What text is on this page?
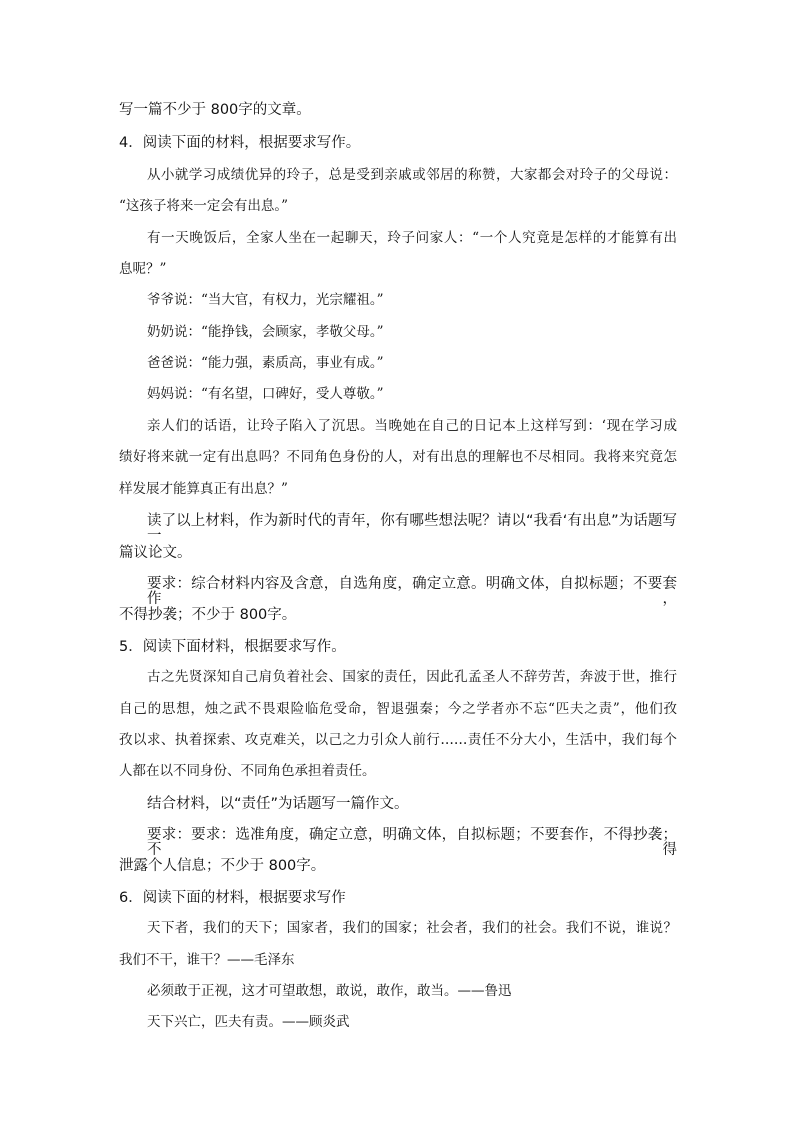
写一篇不少于 800字的文章。
4．阅读下面的材料，根据要求写作。
从小就学习成绩优异的玲子，总是受到亲戚或邻居的称赞，大家都会对玲子的父母说：
“这孩子将来一定会有出息。”
有一天晚饭后，全家人坐在一起聊天，玲子问家人：“一个人究竟是怎样的才能算有出
息呢？”
爷爷说：“当大官，有权力，光宗耀祖。”
奶奶说：“能挣钱，会顾家，孝敬父母。”
爸爸说：“能力强，素质高，事业有成。”
妈妈说：“有名望，口碑好，受人尊敬。”
亲人们的话语，让玲子陷入了沉思。当晚她在自己的日记本上这样写到：‘现在学习成
绩好将来就一定有出息吗？不同角色身份的人，对有出息的理解也不尽相同。我将来究竟怎
样发展才能算真正有出息？”
读了以上材料，作为新时代的青年，你有哪些想法呢？请以“我看‘有出息”为话题写一
篇议论文。
要求：综合材料内容及含意，自选角度，确定立意。明确文体，自拟标题；不要套作，
不得抄袭；不少于 800字。
5．阅读下面材料，根据要求写作。
古之先贤深知自己肩负着社会、国家的责任，因此孔孟圣人不辞劳苦，奔波于世，推行
自己的思想，烛之武不畏艰险临危受命，智退强秦；今之学者亦不忘“匹夫之责”，他们孜
孜以求、执着探索、攻克难关，以己之力引众人前行……责任不分大小，生活中，我们每个
人都在以不同身份、不同角色承担着责任。
结合材料，以“责任”为话题写一篇作文。
要求：要求：选准角度，确定立意，明确文体，自拟标题；不要套作，不得抄袭；不得
泄露个人信息；不少于 800字。
6．阅读下面的材料，根据要求写作
天下者，我们的天下；国家者，我们的国家；社会者，我们的社会。我们不说，谁说？
我们不干，谁干？——毛泽东
必须敢于正视，这才可望敢想，敢说，敢作，敢当。——鲁迅
天下兴亡，匹夫有责。——顾炎武
